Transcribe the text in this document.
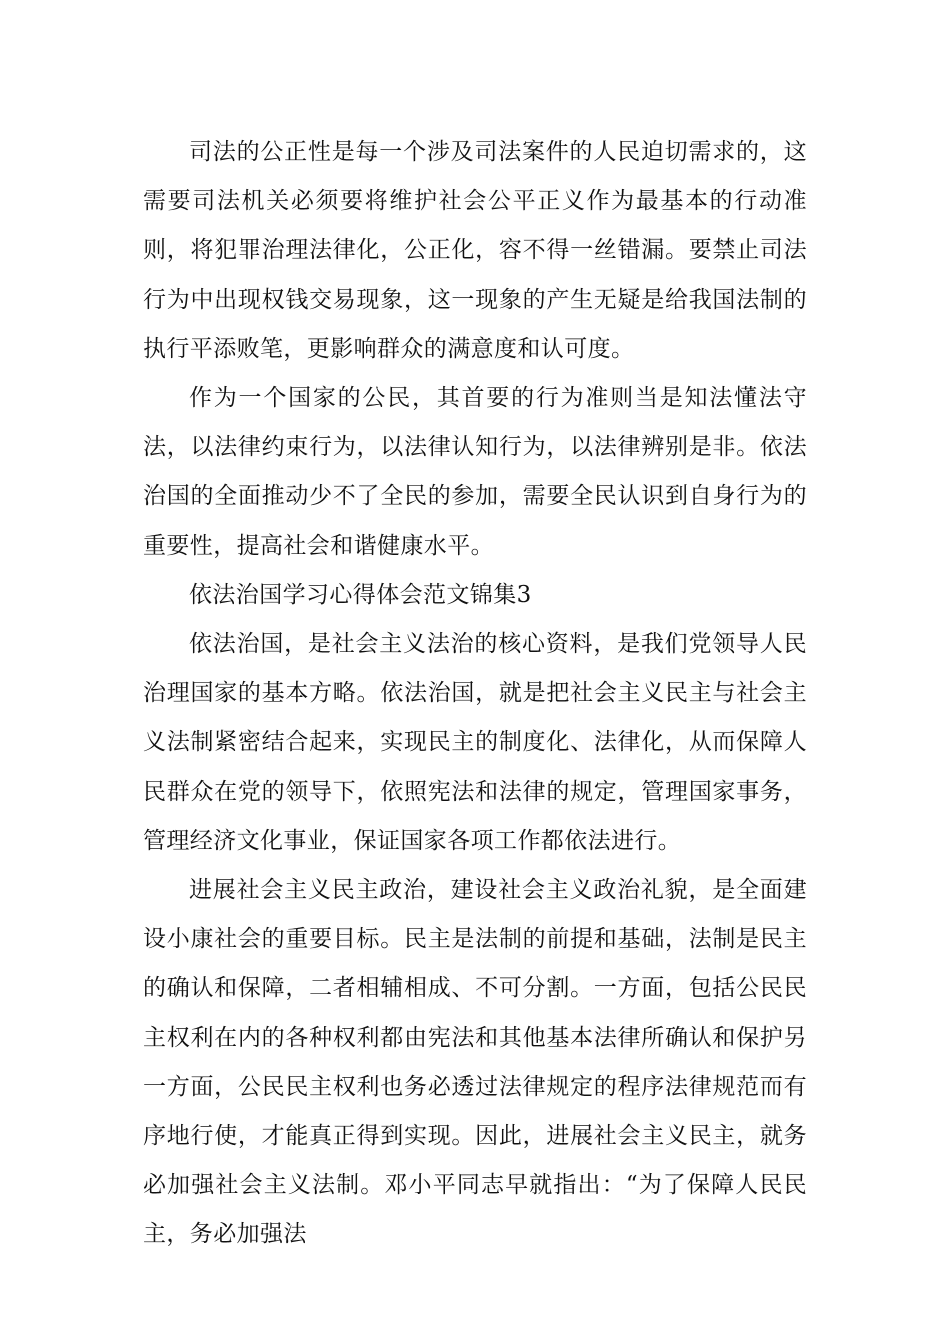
司法的公正性是每一个涉及司法案件的人民迫切需求的，这需要司法机关必须要将维护社会公平正义作为最基本的行动准则，将犯罪治理法律化，公正化，容不得一丝错漏。要禁止司法行为中出现权钱交易现象，这一现象的产生无疑是给我国法制的执行平添败笔，更影响群众的满意度和认可度。

作为一个国家的公民，其首要的行为准则当是知法懂法守法，以法律约束行为，以法律认知行为，以法律辨别是非。依法治国的全面推动少不了全民的参加，需要全民认识到自身行为的重要性，提高社会和谐健康水平。

依法治国学习心得体会范文锦集3

依法治国，是社会主义法治的核心资料，是我们党领导人民治理国家的基本方略。依法治国，就是把社会主义民主与社会主义法制紧密结合起来，实现民主的制度化、法律化，从而保障人民群众在党的领导下，依照宪法和法律的规定，管理国家事务，管理经济文化事业，保证国家各项工作都依法进行。

进展社会主义民主政治，建设社会主义政治礼貌，是全面建设小康社会的重要目标。民主是法制的前提和基础，法制是民主的确认和保障，二者相辅相成、不可分割。一方面，包括公民民主权利在内的各种权利都由宪法和其他基本法律所确认和保护另一方面，公民民主权利也务必透过法律规定的程序法律规范而有序地行使，才能真正得到实现。因此，进展社会主义民主，就务必加强社会主义法制。邓小平同志早就指出：“为了保障人民民主，务必加强法
